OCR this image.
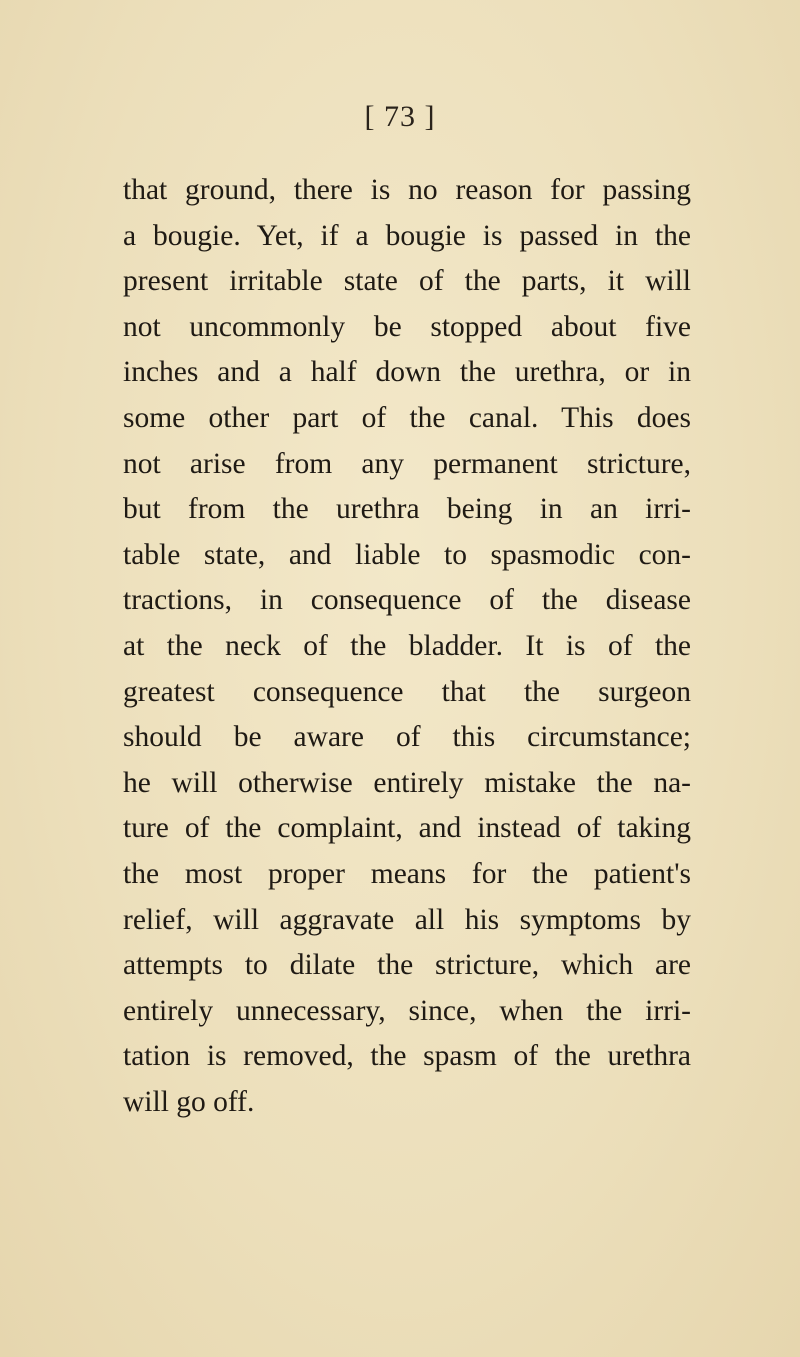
[ 73 ]
that ground, there is no reason for passing
a bougie. Yet, if a bougie is passed in the
present irritable state of the parts, it will
not uncommonly be stopped about five
inches and a half down the urethra, or in
some other part of the canal. This does
not arise from any permanent stricture,
but from the urethra being in an irri-
table state, and liable to spasmodic con-
tractions, in consequence of the disease
at the neck of the bladder. It is of the
greatest consequence that the surgeon
should be aware of this circumstance;
he will otherwise entirely mistake the na-
ture of the complaint, and instead of taking
the most proper means for the patient's
relief, will aggravate all his symptoms by
attempts to dilate the stricture, which are
entirely unnecessary, since, when the irri-
tation is removed, the spasm of the urethra
will go off.
